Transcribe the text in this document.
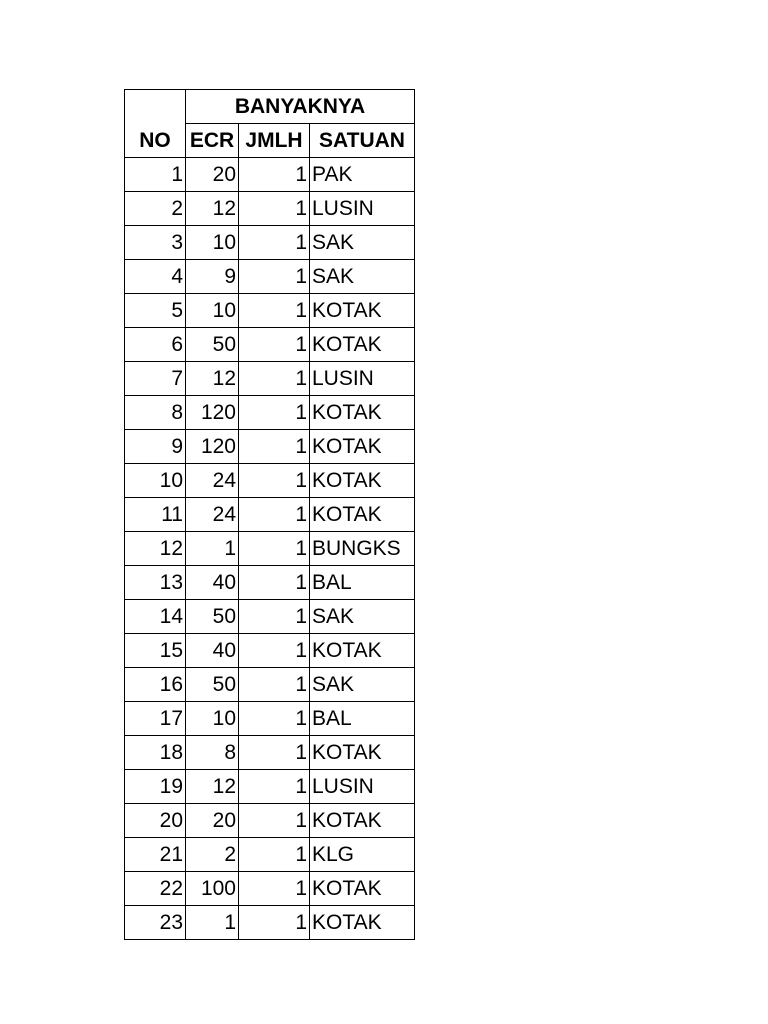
NO	BANYAKNYA		
	ECR	JMLH	SATUAN
1	20	1	PAK
2	12	1	LUSIN
3	10	1	SAK
4	9	1	SAK
5	10	1	KOTAK
6	50	1	KOTAK
7	12	1	LUSIN
8	120	1	KOTAK
9	120	1	KOTAK
10	24	1	KOTAK
11	24	1	KOTAK
12	1	1	BUNGKS
13	40	1	BAL
14	50	1	SAK
15	40	1	KOTAK
16	50	1	SAK
17	10	1	BAL
18	8	1	KOTAK
19	12	1	LUSIN
20	20	1	KOTAK
21	2	1	KLG
22	100	1	KOTAK
23	1	1	KOTAK
